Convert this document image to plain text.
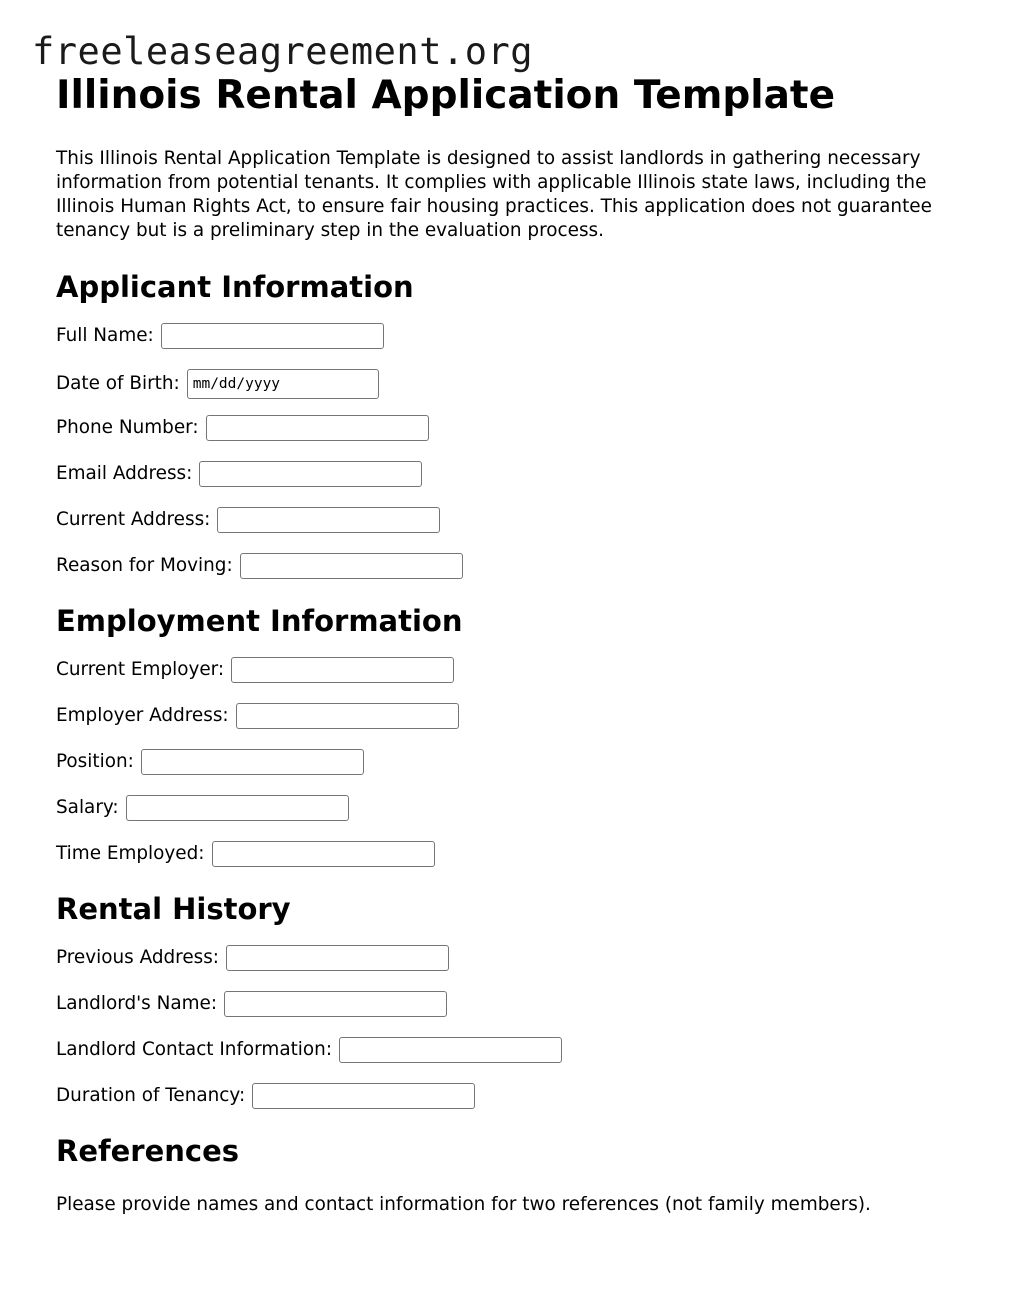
freeleaseagreement.org
Illinois Rental Application Template

This Illinois Rental Application Template is designed to assist landlords in gathering necessary information from potential tenants. It complies with applicable Illinois state laws, including the Illinois Human Rights Act, to ensure fair housing practices. This application does not guarantee tenancy but is a preliminary step in the evaluation process.

Applicant Information
Full Name:
Date of Birth: mm/dd/yyyy
Phone Number:
Email Address:
Current Address:
Reason for Moving:
Employment Information
Current Employer:
Employer Address:
Position:
Salary:
Time Employed:
Rental History
Previous Address:
Landlord's Name:
Landlord Contact Information:
Duration of Tenancy:
References
Please provide names and contact information for two references (not family members).
